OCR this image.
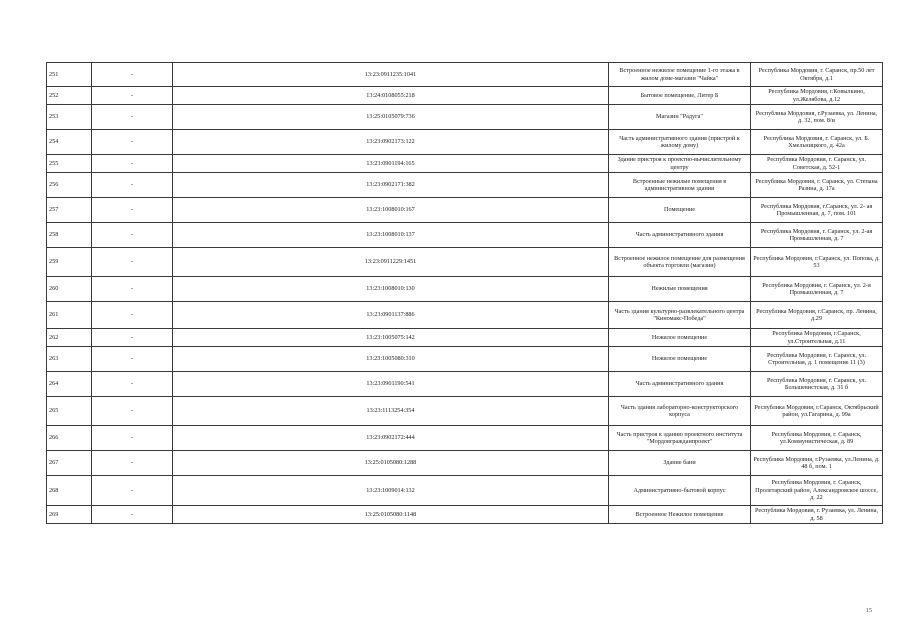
251	-	13:23:0911235:1041	Встроенное нежилое помещение 1-го этажа в жилом доме-магазин "Чайка"	Республика Мордовия, г. Саранск, пр.50 лет Октября, д.1
252	-	13:24:0108055:218	Бытовое помещение, Литер Б	Республика Мордовия, г.Ковылкино, ул.Желябова, д.12
253	-	13:25:0105079:736	Магазин "Радуга"	Республика Мордовия, г.Рузаевка, ул. Ленина, д. 32, пом. 8/и
254	-	13:23:0902173:122	Часть административного здания (пристрой к жилому дому)	Республика Мордовия, г. Саранск, ул. Б. Хмельницкого, д. 42а
255	-	13:23:0901194:165	Здание пристроя к проектно-вычислительному центру	Республика Мордовия, г. Саранск, ул. Советская, д. 52-1
256	-	13:23:0902171:382	Встроенные нежилые помещения в административном здании	Республика Мордовия, г. Саранск, ул. Степана Разина, д. 17а
257	-	13:23:1008010:167	Помещение	Республика Мордовия, г.Саранск, ул. 2- ая Промышленная, д. 7, пом. 101
258	-	13:23:1008010:137	Часть административного здания	Республика Мордовия, г. Саранск, ул. 2-ая Промышленная, д. 7
259	-	13:23:0911229:1451	Встроенное нежилое помещение для размещения объекта торговли (магазин)	Республика Мордовия, г.Саранск, ул. Попова, д. 53
260	-	13:23:1008010:130	Нежилые помещения	Республика Мордовия, г. Саранск, ул. 2-я Промышленная, д. 7
261	-	13:23:0901137:886	Часть здания культурно-развлекательного центра "Киномакс-Победа"	Республика Мордовия, г.Саранск, пр. Ленина, д.29
262	-	13:23:1005075:142	Нежилое помещение	Республика Мордовия, г.Саранск, ул.Строительная, д.11
263	-	13:23:1005080:310	Нежилое помещение	Республика Мордовия, г. Саранск, ул. Строительная, д. 1 помещение 11 (3)
264	-	13:23:0901190:541	Часть административного здания	Республика Мордовия, г. Саранск, ул. Большевистская, д. 31 б
265	-	13:23:1113254:354	Часть здания лабораторно-конструкторского корпуса	Республика Мордовия, г.Саранск, Октябрьский район, ул.Гагарина, д. 99а
266	-	13:23:0902172:444	Часть пристроя к зданию проектного института "Мордовгражданпроект"	Республика Мордовия, г. Саранск, ул.Коммунистическая, д. 89
267	-	13:25:0105080:1288	Здание бани	Республика Мордовия, г.Рузаевка, ул.Ленина, д. 48 б, пом. 1
268	-	13:23:1009014:132	Административно-бытовой корпус	Республика Мордовия, г. Саранск, Пролетарский район, Александровское шоссе, д. 22
269	-	13:25:0105080:1148	Встроенное Нежилое помещение	Республика Мордовия, г. Рузаевка, ул. Ленина, д. 58
15
